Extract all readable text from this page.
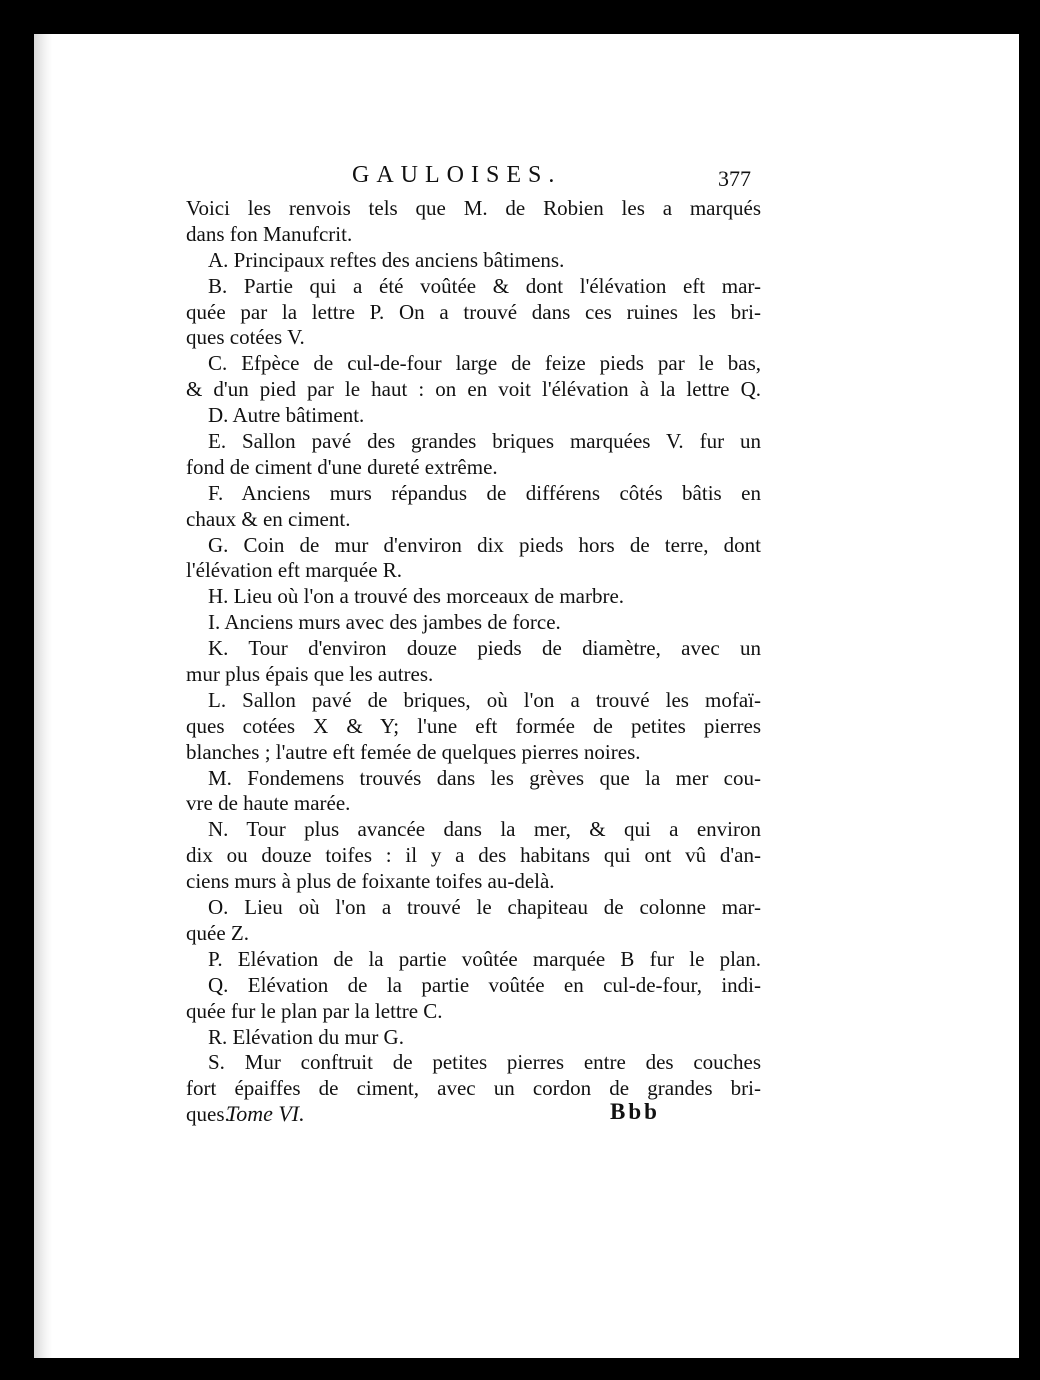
GAULOISES.	377
Voici les renvois tels que M. de Robien les a marqués
dans fon Manufcrit.
A. Principaux reftes des anciens bâtimens.
B. Partie qui a été voûtée & dont l'élévation eft mar-
quée par la lettre P. On a trouvé dans ces ruines les bri-
ques cotées V.
C. Efpèce de cul-de-four large de feize pieds par le bas,
& d'un pied par le haut : on en voit l'élévation à la lettre Q.
D. Autre bâtiment.
E. Sallon pavé des grandes briques marquées V. fur un
fond de ciment d'une dureté extrême.
F. Anciens murs répandus de différens côtés bâtis en
chaux & en ciment.
G. Coin de mur d'environ dix pieds hors de terre, dont
l'élévation eft marquée R.
H. Lieu où l'on a trouvé des morceaux de marbre.
I. Anciens murs avec des jambes de force.
K. Tour d'environ douze pieds de diamètre, avec un
mur plus épais que les autres.
L. Sallon pavé de briques, où l'on a trouvé les mofaï-
ques cotées X & Y; l'une eft formée de petites pierres
blanches ; l'autre eft femée de quelques pierres noires.
M. Fondemens trouvés dans les grèves que la mer cou-
vre de haute marée.
N. Tour plus avancée dans la mer, & qui a environ
dix ou douze toifes : il y a des habitans qui ont vû d'an-
ciens murs à plus de foixante toifes au-delà.
O. Lieu où l'on a trouvé le chapiteau de colonne mar-
quée Z.
P. Elévation de la partie voûtée marquée B fur le plan.
Q. Elévation de la partie voûtée en cul-de-four, indi-
quée fur le plan par la lettre C.
R. Elévation du mur G.
S. Mur conftruit de petites pierres entre des couches
fort épaiffes de ciment, avec un cordon de grandes bri-
ques.
Tome VI.	Bbb
